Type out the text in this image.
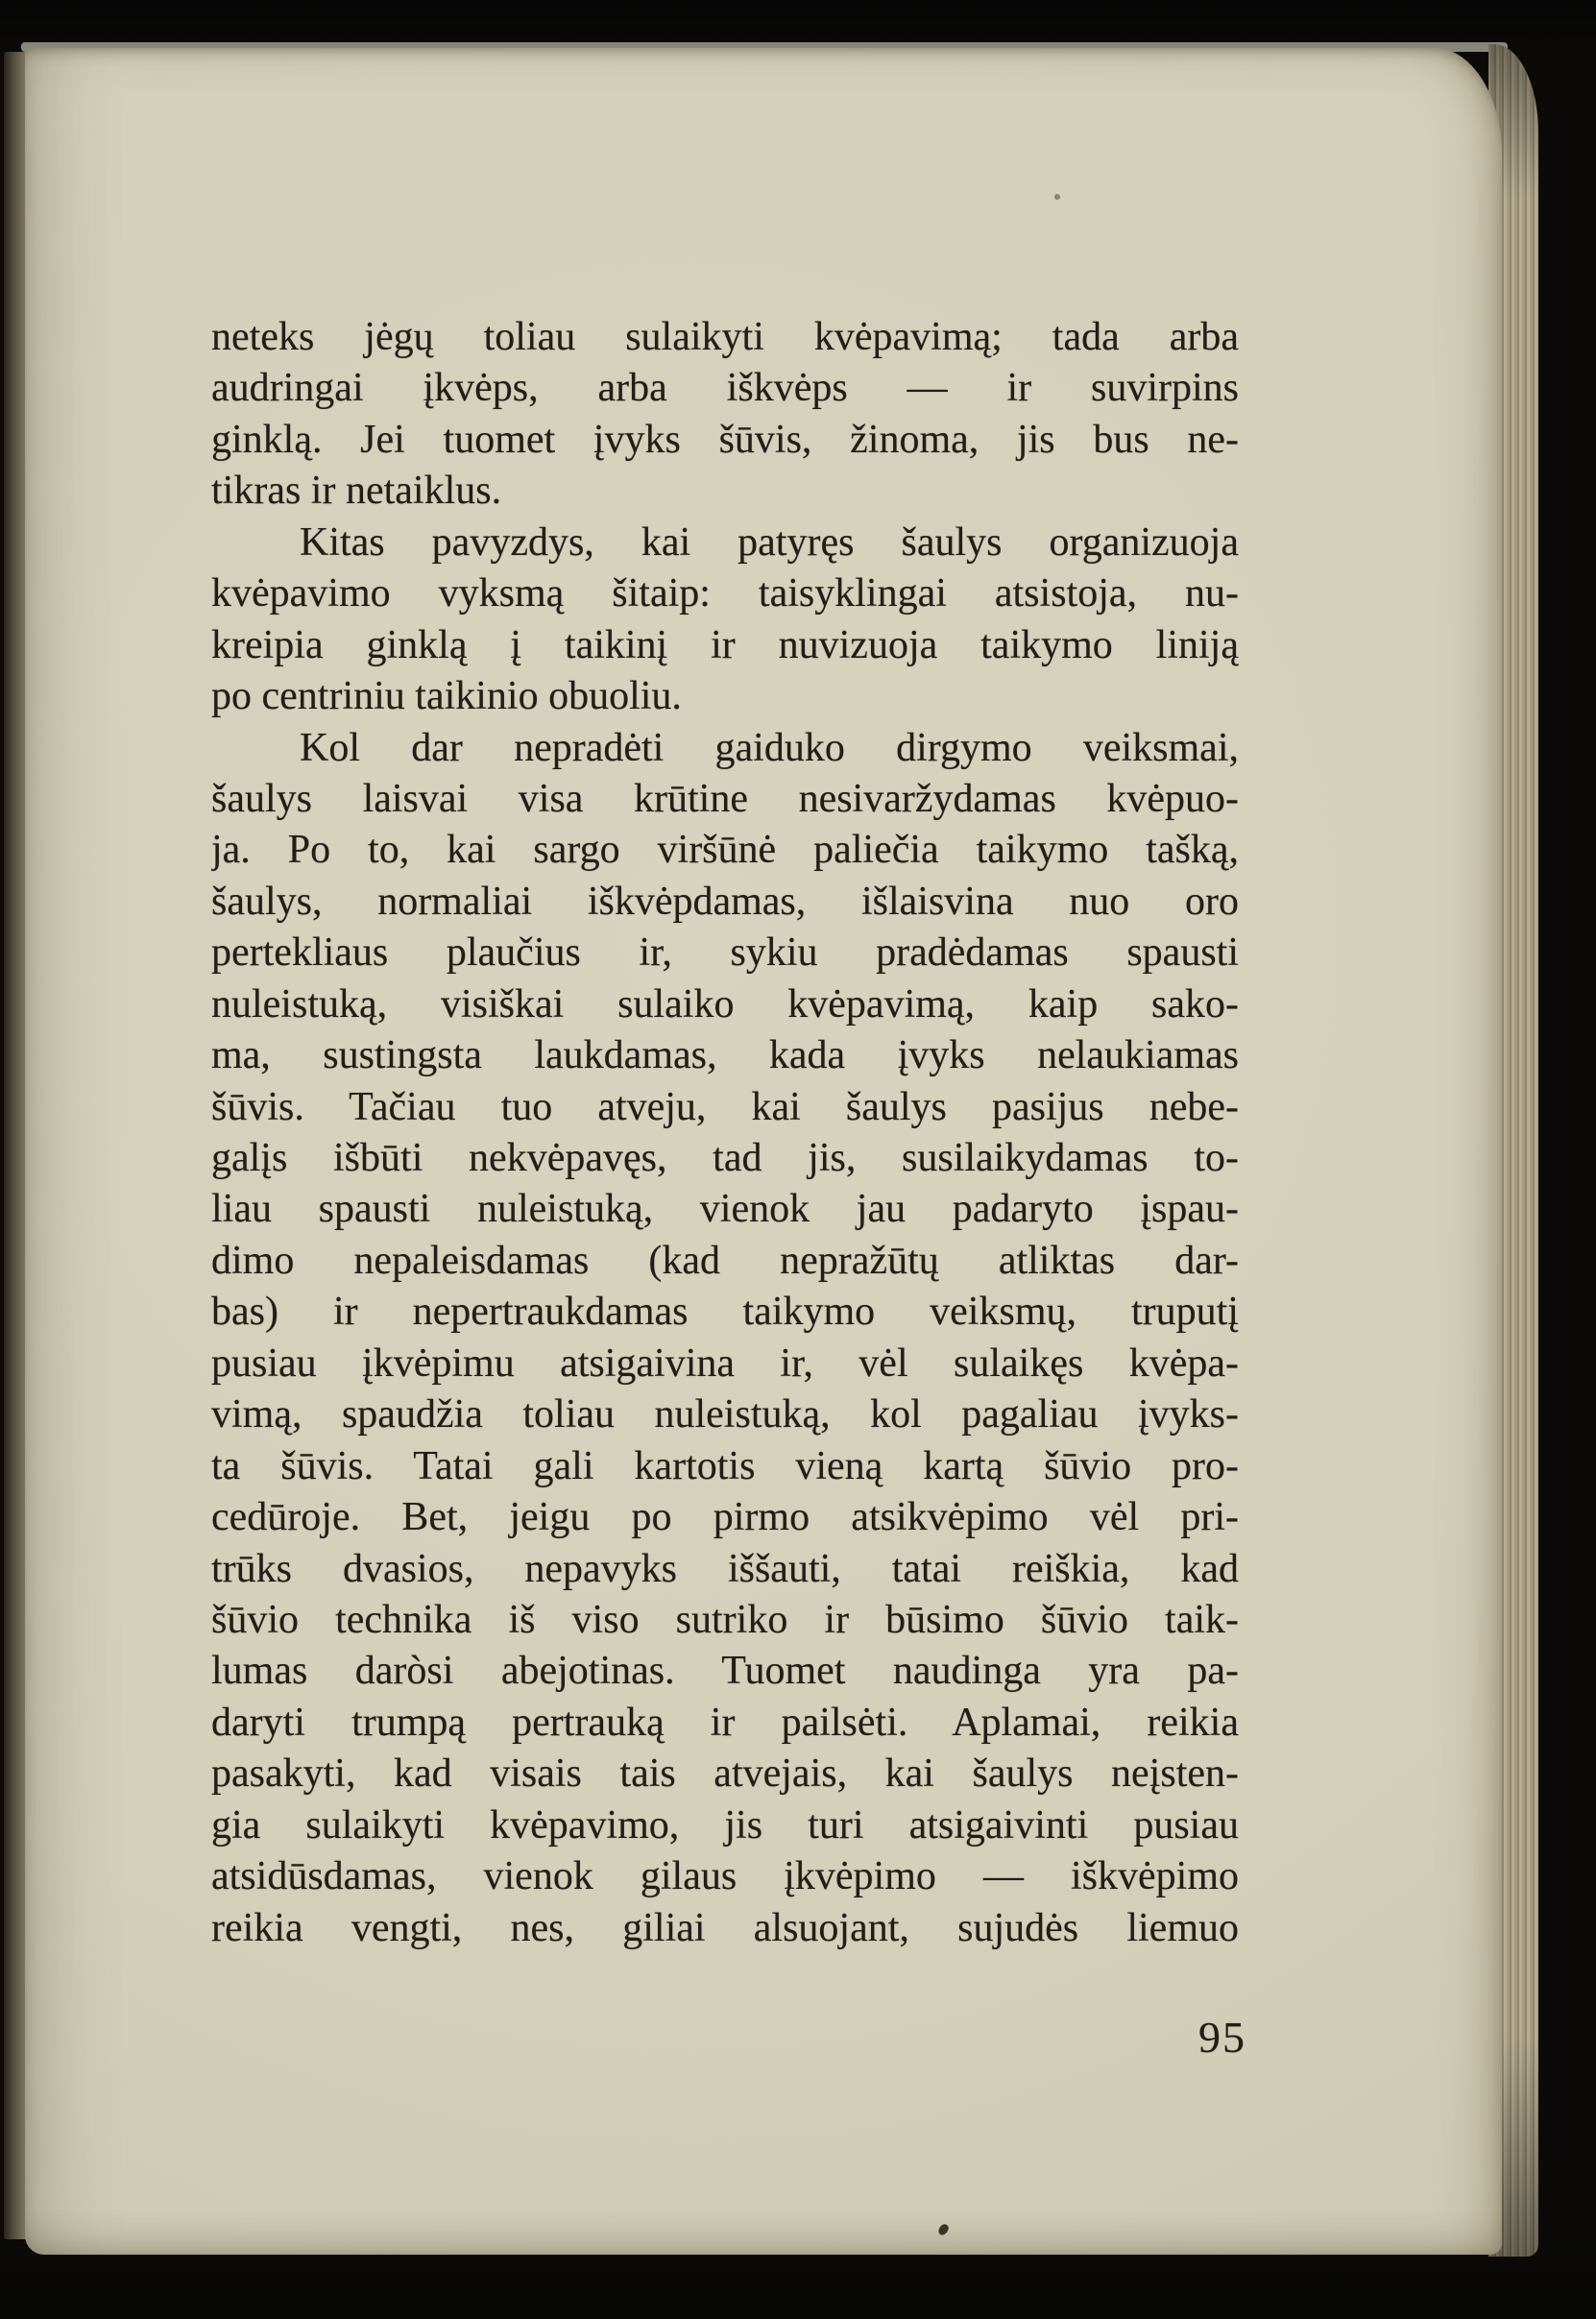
neteks jėgų toliau sulaikyti kvėpavimą; tada arba
audringai įkvėps, arba iškvėps — ir suvirpins
ginklą. Jei tuomet įvyks šūvis, žinoma, jis bus ne-
tikras ir netaiklus.
Kitas pavyzdys, kai patyręs šaulys organizuoja
kvėpavimo vyksmą šitaip: taisyklingai atsistoja, nu-
kreipia ginklą į taikinį ir nuvizuoja taikymo liniją
po centriniu taikinio obuoliu.
Kol dar nepradėti gaiduko dirgymo veiksmai,
šaulys laisvai visa krūtine nesivaržydamas kvėpuo-
ja. Po to, kai sargo viršūnė paliečia taikymo tašką,
šaulys, normaliai iškvėpdamas, išlaisvina nuo oro
pertekliaus plaučius ir, sykiu pradėdamas spausti
nuleistuką, visiškai sulaiko kvėpavimą, kaip sako-
ma, sustingsta laukdamas, kada įvyks nelaukiamas
šūvis. Tačiau tuo atveju, kai šaulys pasijus nebe-
galįs išbūti nekvėpavęs, tad jis, susilaikydamas to-
liau spausti nuleistuką, vienok jau padaryto įspau-
dimo nepaleisdamas (kad nepražūtų atliktas dar-
bas) ir nepertraukdamas taikymo veiksmų, truputį
pusiau įkvėpimu atsigaivina ir, vėl sulaikęs kvėpa-
vimą, spaudžia toliau nuleistuką, kol pagaliau įvyks-
ta šūvis. Tatai gali kartotis vieną kartą šūvio pro-
cedūroje. Bet, jeigu po pirmo atsikvėpimo vėl pri-
trūks dvasios, nepavyks iššauti, tatai reiškia, kad
šūvio technika iš viso sutriko ir būsimo šūvio taik-
lumas daròsi abejotinas. Tuomet naudinga yra pa-
daryti trumpą pertrauką ir pailsėti. Aplamai, reikia
pasakyti, kad visais tais atvejais, kai šaulys neįsten-
gia sulaikyti kvėpavimo, jis turi atsigaivinti pusiau
atsidūsdamas, vienok gilaus įkvėpimo — iškvėpimo
reikia vengti, nes, giliai alsuojant, sujudės liemuo
95
